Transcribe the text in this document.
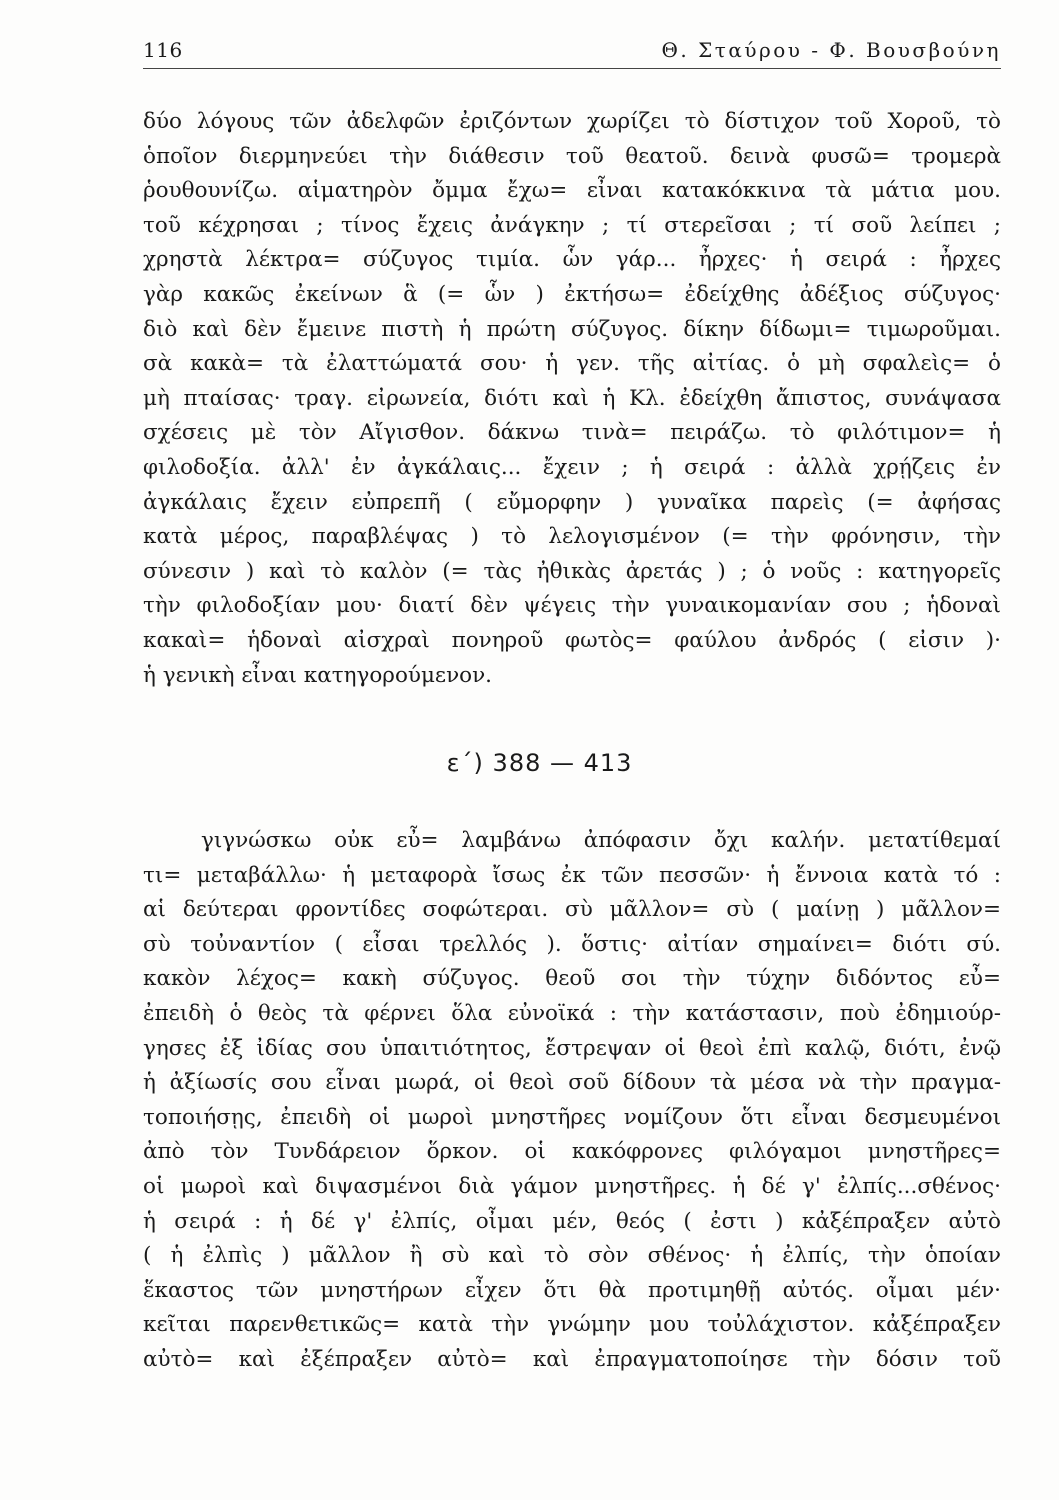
116	Θ. Σταύρου - Φ. Βουσβούνη
δύο λόγους τῶν ἀδελφῶν ἐριζόντων χωρίζει τὸ δίστιχον τοῦ Χοροῦ, τὸ
ὁποῖον διερμηνεύει τὴν διάθεσιν τοῦ θεατοῦ. δεινὰ φυσῶ= τρομερὰ
ῥουθουνίζω. αἱματηρὸν ὄμμα ἔχω= εἶναι κατακόκκινα τὰ μάτια μου.
τοῦ κέχρησαι ; τίνος ἔχεις ἀνάγκην ; τί στερεῖσαι ; τί σοῦ λείπει ;
χρηστὰ λέκτρα= σύζυγος τιμία. ὧν γάρ... ἦρχες· ἡ σειρά : ἦρχες
γὰρ κακῶς ἐκείνων ἃ (= ὧν ) ἐκτήσω= ἐδείχθης ἀδέξιος σύζυγος·
διὸ καὶ δὲν ἔμεινε πιστὴ ἡ πρώτη σύζυγος. δίκην δίδωμι= τιμωροῦμαι.
σὰ κακὰ= τὰ ἐλαττώματά σου· ἡ γεν. τῆς αἰτίας. ὁ μὴ σφαλεὶς= ὁ
μὴ πταίσας· τραγ. εἰρωνεία, διότι καὶ ἡ Κλ. ἐδείχθη ἄπιστος, συνάψασα
σχέσεις μὲ τὸν Αἴγισθον. δάκνω τινὰ= πειράζω. τὸ φιλότιμον= ἡ
φιλοδοξία. ἀλλ' ἐν ἀγκάλαις... ἔχειν ; ἡ σειρά : ἀλλὰ χρῄζεις ἐν
ἀγκάλαις ἔχειν εὐπρεπῆ ( εὔμορφην ) γυναῖκα παρεὶς (= ἀφήσας
κατὰ μέρος, παραβλέψας ) τὸ λελογισμένον (= τὴν φρόνησιν, τὴν
σύνεσιν ) καὶ τὸ καλὸν (= τὰς ἠθικὰς ἀρετάς ) ; ὁ νοῦς : κατηγορεῖς
τὴν φιλοδοξίαν μου· διατί δὲν ψέγεις τὴν γυναικομανίαν σου ; ἡδοναὶ
κακαὶ= ἡδοναὶ αἰσχραὶ πονηροῦ φωτὸς= φαύλου ἀνδρός ( εἰσιν )·
ἡ γενικὴ εἶναι κατηγορούμενον.
ε΄) 388 — 413
γιγνώσκω οὐκ εὖ= λαμβάνω ἀπόφασιν ὄχι καλήν. μετατίθεμαί
τι= μεταβάλλω· ἡ μεταφορὰ ἴσως ἐκ τῶν πεσσῶν· ἡ ἔννοια κατὰ τό :
αἱ δεύτεραι φροντίδες σοφώτεραι. σὺ μᾶλλον= σὺ ( μαίνῃ ) μᾶλλον=
σὺ τοὐναντίον ( εἶσαι τρελλός ). ὅστις· αἰτίαν σημαίνει= διότι σύ.
κακὸν λέχος= κακὴ σύζυγος. θεοῦ σοι τὴν τύχην διδόντος εὖ=
ἐπειδὴ ὁ θεὸς τὰ φέρνει ὅλα εὐνοϊκά : τὴν κατάστασιν, ποὺ ἐδημιούρ-
γησες ἐξ ἰδίας σου ὑπαιτιότητος, ἔστρεψαν οἱ θεοὶ ἐπὶ καλῷ, διότι, ἐνῷ
ἡ ἀξίωσίς σου εἶναι μωρά, οἱ θεοὶ σοῦ δίδουν τὰ μέσα νὰ τὴν πραγμα-
τοποιήσῃς, ἐπειδὴ οἱ μωροὶ μνηστῆρες νομίζουν ὅτι εἶναι δεσμευμένοι
ἀπὸ τὸν Τυνδάρειον ὅρκον. οἱ κακόφρονες φιλόγαμοι μνηστῆρες=
οἱ μωροὶ καὶ διψασμένοι διὰ γάμον μνηστῆρες. ἡ δέ γ' ἐλπίς...σθένος·
ἡ σειρά : ἡ δέ γ' ἐλπίς, οἶμαι μέν, θεός ( ἐστι ) κἀξέπραξεν αὐτὸ
( ἡ ἐλπὶς ) μᾶλλον ἢ σὺ καὶ τὸ σὸν σθένος· ἡ ἐλπίς, τὴν ὁποίαν
ἕκαστος τῶν μνηστήρων εἶχεν ὅτι θὰ προτιμηθῇ αὐτός. οἶμαι μέν·
κεῖται παρενθετικῶς= κατὰ τὴν γνώμην μου τοὐλάχιστον. κἀξέπραξεν
αὐτὸ= καὶ ἐξέπραξεν αὐτὸ= καὶ ἐπραγματοποίησε τὴν δόσιν τοῦ
